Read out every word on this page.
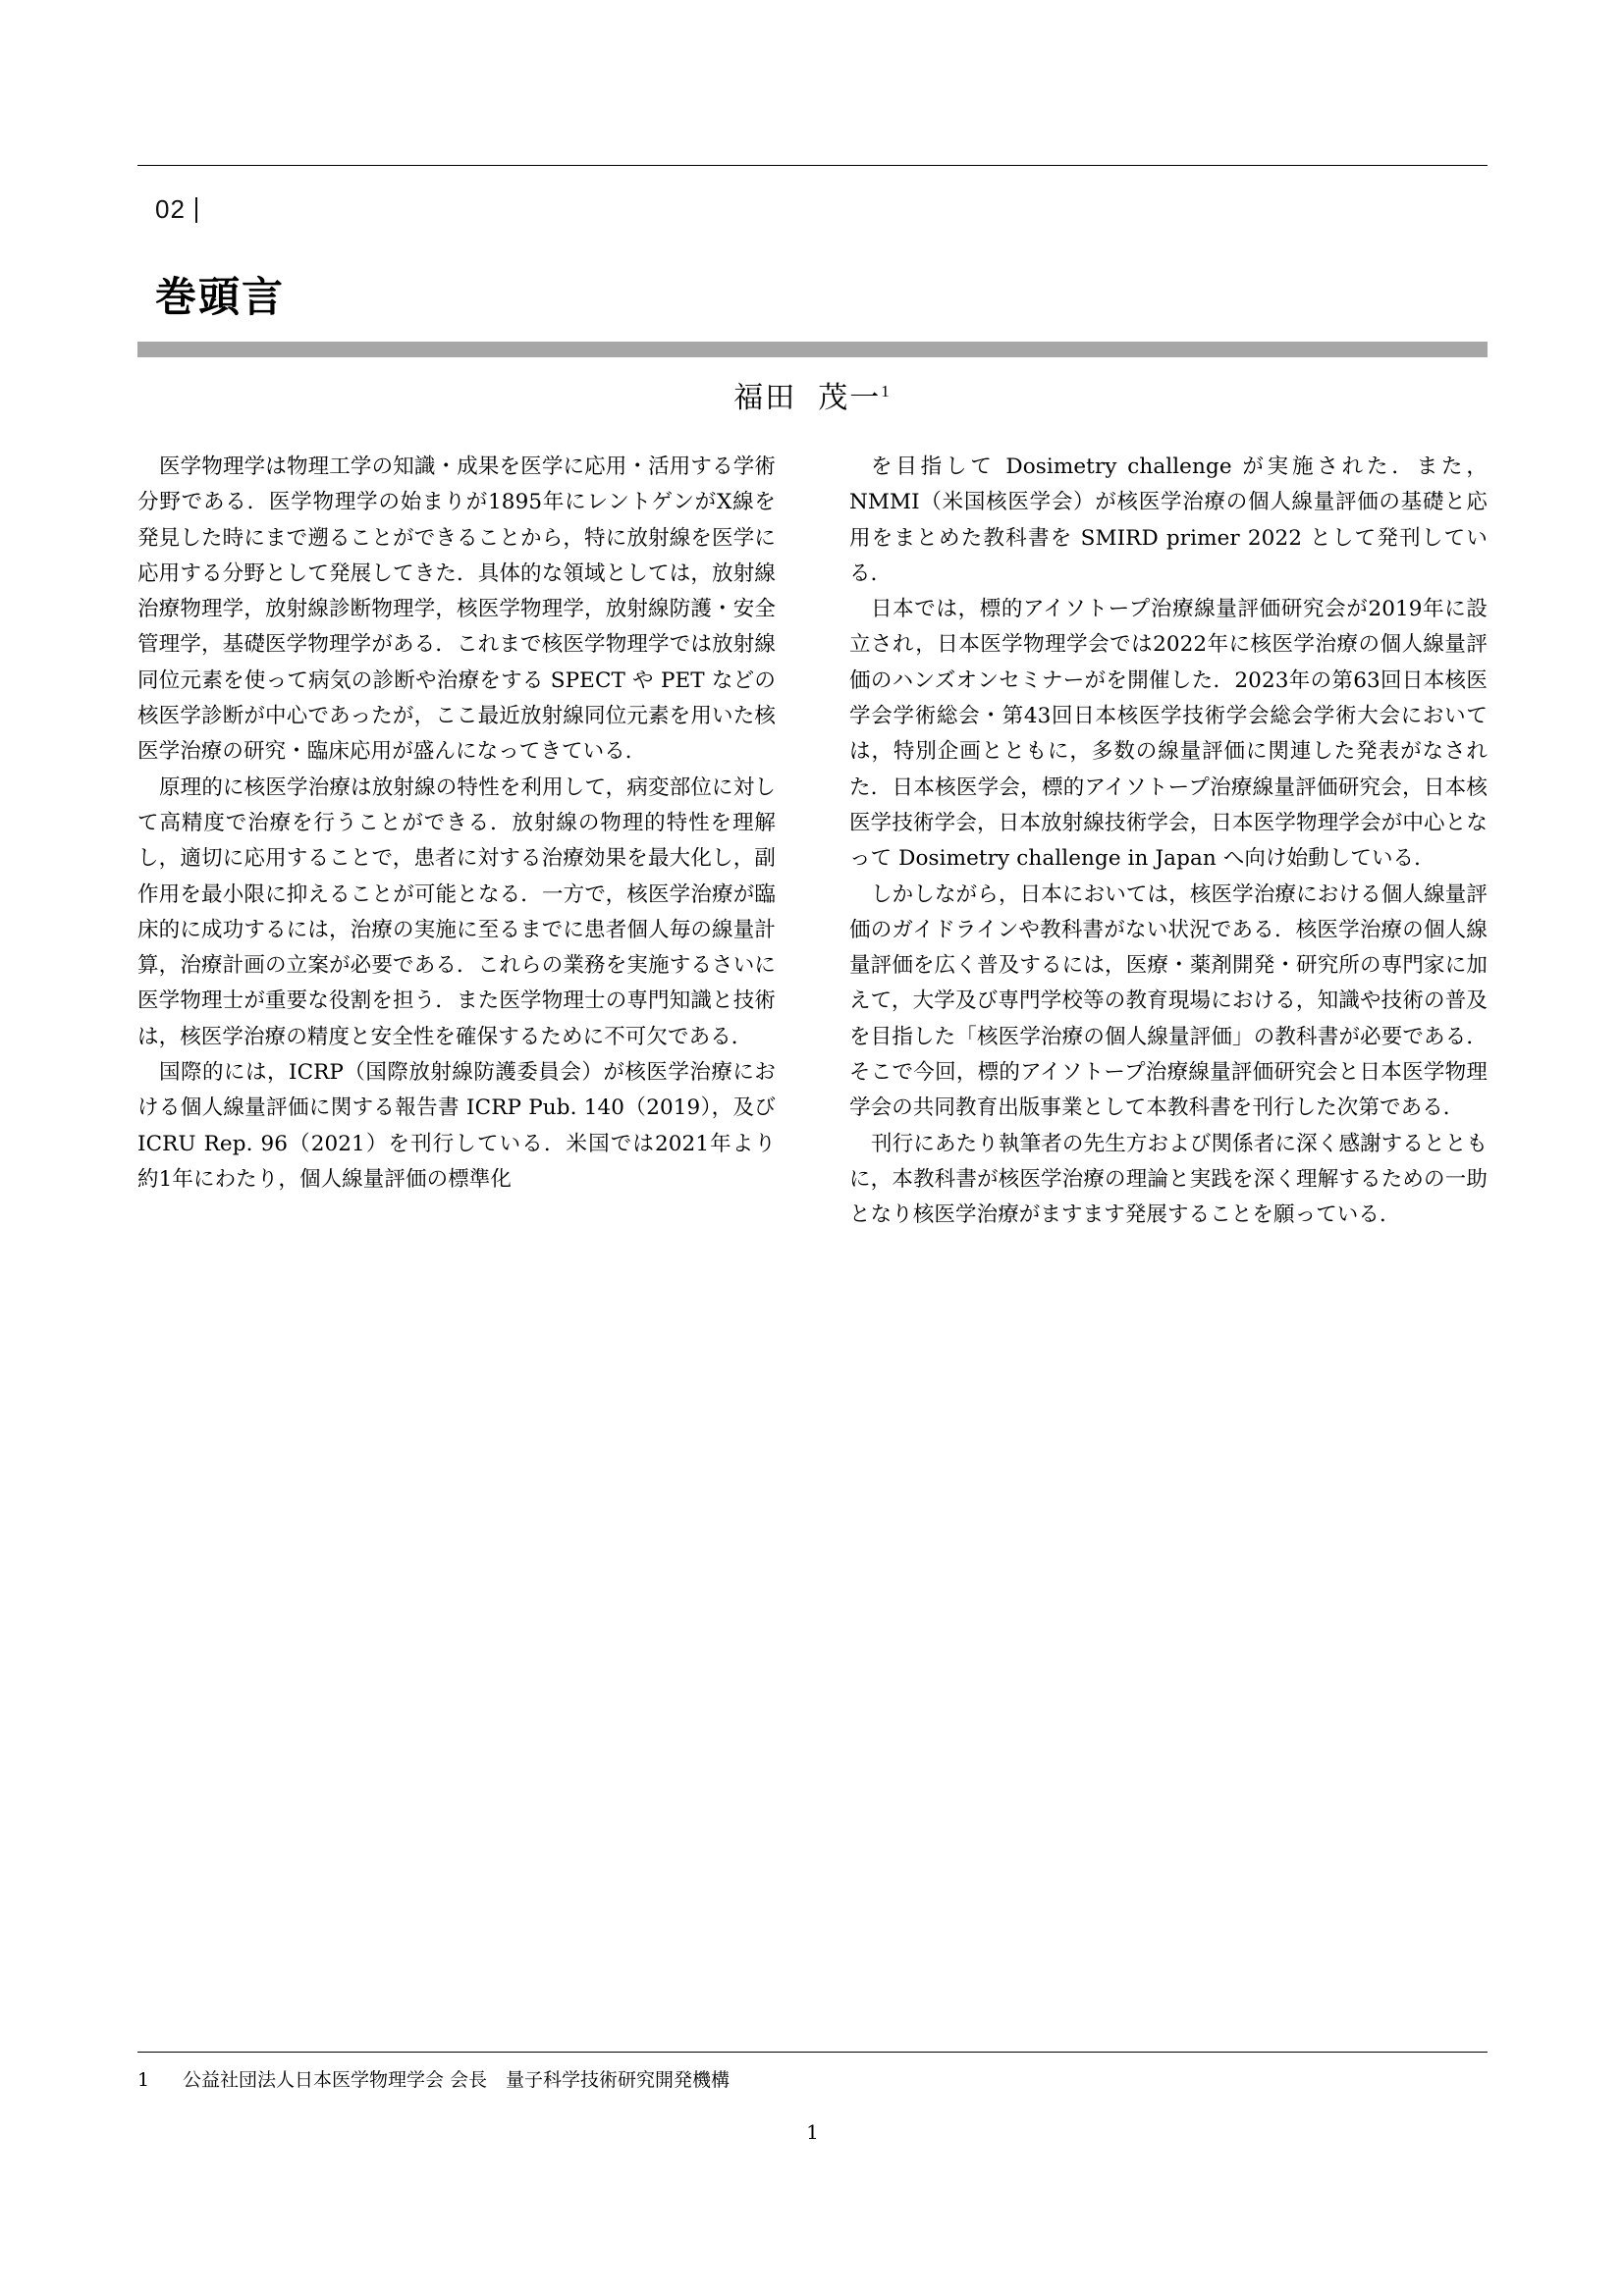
02
巻頭言
福田 茂一$^1$

医学物理学は物理工学の知識・成果を医学に応用・活用する学術分野である．医学物理学の始まりが1895年にレントゲンがX線を発見した時にまで遡ることができることから，特に放射線を医学に応用する分野として発展してきた．具体的な領域としては，放射線治療物理学，放射線診断物理学，核医学物理学，放射線防護・安全管理学，基礎医学物理学がある．これまで核医学物理学では放射線同位元素を使って病気の診断や治療をする SPECT や PET などの核医学診断が中心であったが，ここ最近放射線同位元素を用いた核医学治療の研究・臨床応用が盛んになってきている．

原理的に核医学治療は放射線の特性を利用して，病変部位に対して高精度で治療を行うことができる．放射線の物理的特性を理解し，適切に応用することで，患者に対する治療効果を最大化し，副作用を最小限に抑えることが可能となる．一方で，核医学治療が臨床的に成功するには，治療の実施に至るまでに患者個人毎の線量計算，治療計画の立案が必要である．これらの業務を実施するさいに医学物理士が重要な役割を担う．また医学物理士の専門知識と技術は，核医学治療の精度と安全性を確保するために不可欠である．

国際的には，ICRP（国際放射線防護委員会）が核医学治療における個人線量評価に関する報告書 ICRP Pub. 140（2019），及び ICRU Rep. 96（2021）を刊行している．米国では2021年より約1年にわたり，個人線量評価の標準化

を目指して Dosimetry challenge が実施された．また，NMMI（米国核医学会）が核医学治療の個人線量評価の基礎と応用をまとめた教科書を SMIRD primer 2022 として発刊している．

日本では，標的アイソトープ治療線量評価研究会が2019年に設立され，日本医学物理学会では2022年に核医学治療の個人線量評価のハンズオンセミナーがを開催した．2023年の第63回日本核医学会学術総会・第43回日本核医学技術学会総会学術大会においては，特別企画とともに，多数の線量評価に関連した発表がなされた．日本核医学会，標的アイソトープ治療線量評価研究会，日本核医学技術学会，日本放射線技術学会，日本医学物理学会が中心となって Dosimetry challenge in Japan へ向け始動している．

しかしながら，日本においては，核医学治療における個人線量評価のガイドラインや教科書がない状況である．核医学治療の個人線量評価を広く普及するには，医療・薬剤開発・研究所の専門家に加えて，大学及び専門学校等の教育現場における，知識や技術の普及を目指した「核医学治療の個人線量評価」の教科書が必要である．そこで今回，標的アイソトープ治療線量評価研究会と日本医学物理学会の共同教育出版事業として本教科書を刊行した次第である．

刊行にあたり執筆者の先生方および関係者に深く感謝するとともに，本教科書が核医学治療の理論と実践を深く理解するための一助となり核医学治療がますます発展することを願っている．

1 公益社団法人日本医学物理学会 会長　量子科学技術研究開発機構
1
